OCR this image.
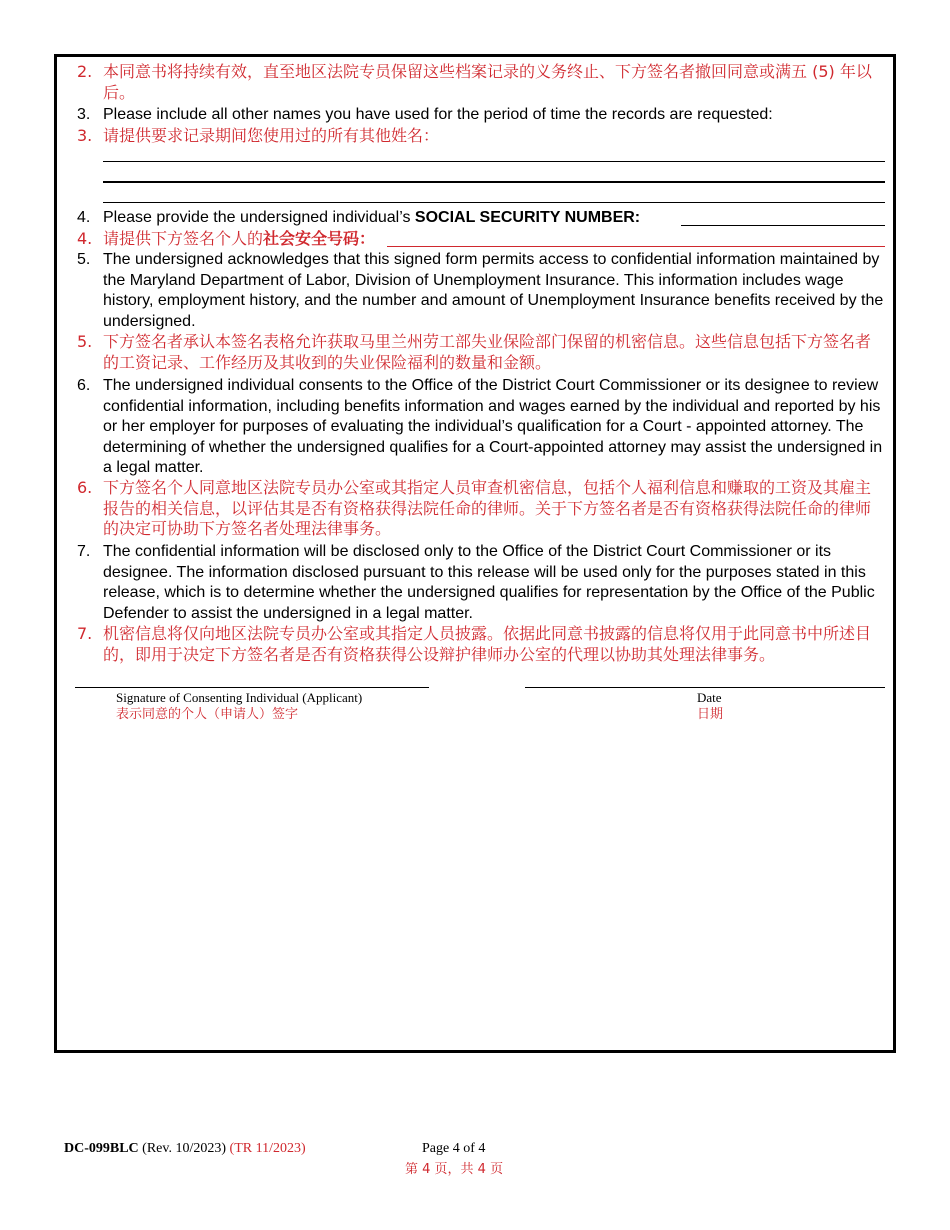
2. 本同意书将持续有效，直至地区法院专员保留这些档案记录的义务终止、下方签名者撤回同意或满五 (5) 年以后。
3. Please include all other names you have used for the period of time the records are requested:
3. 请提供要求记录期间您使用过的所有其他姓名：
4. Please provide the undersigned individual’s SOCIAL SECURITY NUMBER:
4. 请提供下方签名个人的社会安全号码：
5. The undersigned acknowledges that this signed form permits access to confidential information maintained by the Maryland Department of Labor, Division of Unemployment Insurance. This information includes wage history, employment history, and the number and amount of Unemployment Insurance benefits received by the undersigned.
5. 下方签名者承认本签名表格允许获取马里兰州劳工部失业保险部门保留的机密信息。这些信息包括下方签名者的工资记录、工作经历及其收到的失业保险福利的数量和金额。
6. The undersigned individual consents to the Office of the District Court Commissioner or its designee to review confidential information, including benefits information and wages earned by the individual and reported by his or her employer for purposes of evaluating the individual’s qualification for a Court - appointed attorney. The determining of whether the undersigned qualifies for a Court-appointed attorney may assist the undersigned in a legal matter.
6. 下方签名个人同意地区法院专员办公室或其指定人员审查机密信息，包括个人福利信息和赚取的工资及其雇主报告的相关信息，以评估其是否有资格获得法院任命的律师。关于下方签名者是否有资格获得法院任命的律师的决定可协助下方签名者处理法律事务。
7. The confidential information will be disclosed only to the Office of the District Court Commissioner or its designee. The information disclosed pursuant to this release will be used only for the purposes stated in this release, which is to determine whether the undersigned qualifies for representation by the Office of the Public Defender to assist the undersigned in a legal matter.
7. 机密信息将仅向地区法院专员办公室或其指定人员披露。依据此同意书披露的信息将仅用于此同意书中所述目的，即用于决定下方签名者是否有资格获得公设辩护律师办公室的代理以协助其处理法律事务。
Signature of Consenting Individual (Applicant)
表示同意的个人（申请人）签字
Date
日期
DC-099BLC (Rev. 10/2023) (TR 11/2023)	Page 4 of 4
第 4 页，共 4 页
